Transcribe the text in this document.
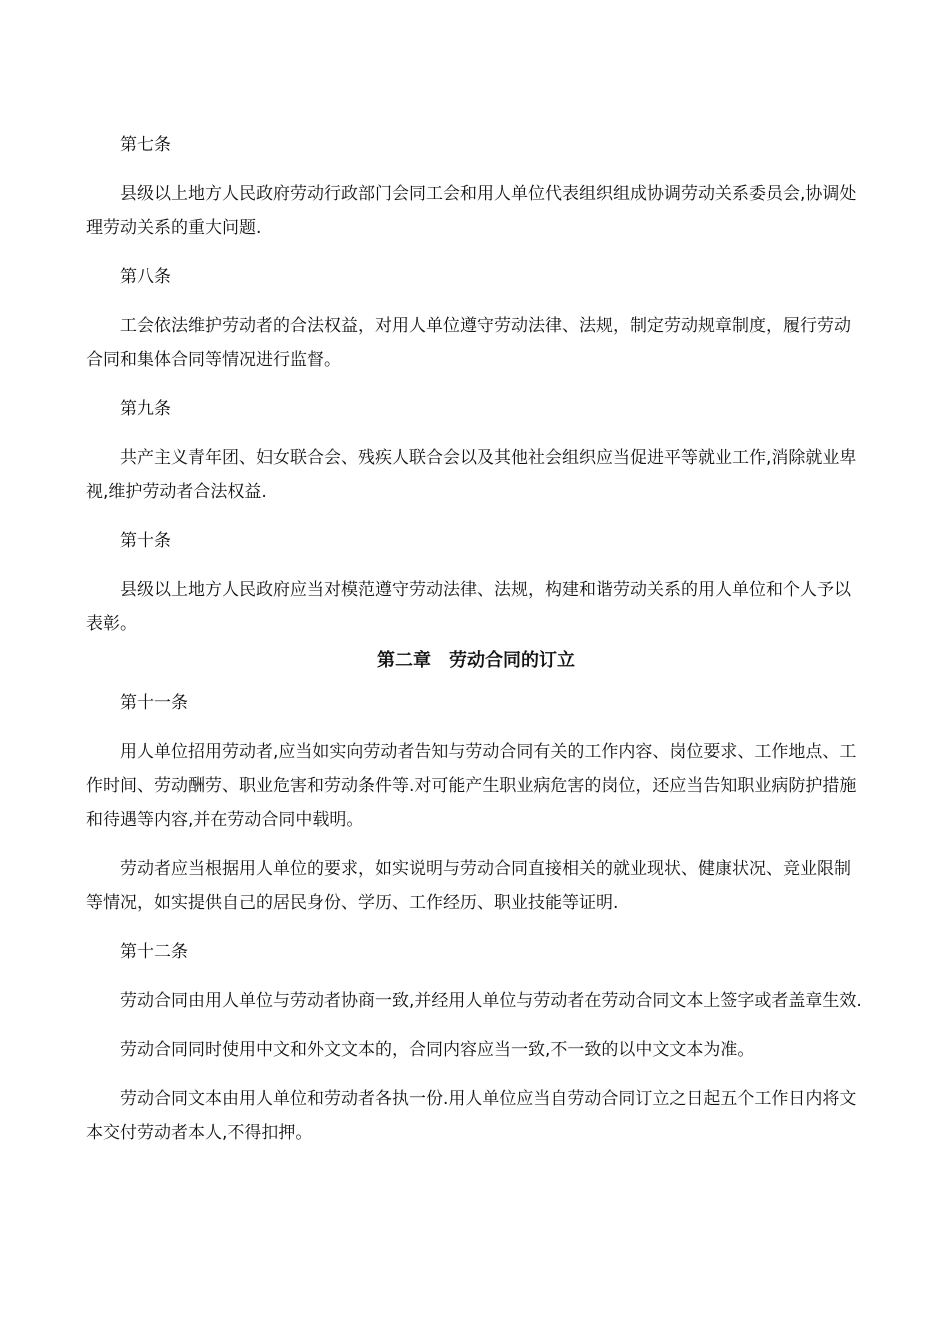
第七条

县级以上地方人民政府劳动行政部门会同工会和用人单位代表组织组成协调劳动关系委员会,协调处理劳动关系的重大问题.

第八条

工会依法维护劳动者的合法权益，对用人单位遵守劳动法律、法规，制定劳动规章制度，履行劳动合同和集体合同等情况进行监督。

第九条

共产主义青年团、妇女联合会、残疾人联合会以及其他社会组织应当促进平等就业工作,消除就业卑视,维护劳动者合法权益.

第十条

县级以上地方人民政府应当对模范遵守劳动法律、法规，构建和谐劳动关系的用人单位和个人予以表彰。

第二章　劳动合同的订立

第十一条

用人单位招用劳动者,应当如实向劳动者告知与劳动合同有关的工作内容、岗位要求、工作地点、工作时间、劳动酬劳、职业危害和劳动条件等.对可能产生职业病危害的岗位，还应当告知职业病防护措施和待遇等内容,并在劳动合同中载明。

劳动者应当根据用人单位的要求，如实说明与劳动合同直接相关的就业现状、健康状况、竞业限制等情况，如实提供自己的居民身份、学历、工作经历、职业技能等证明.

第十二条

劳动合同由用人单位与劳动者协商一致,并经用人单位与劳动者在劳动合同文本上签字或者盖章生效.

劳动合同同时使用中文和外文文本的，合同内容应当一致,不一致的以中文文本为准。

劳动合同文本由用人单位和劳动者各执一份.用人单位应当自劳动合同订立之日起五个工作日内将文本交付劳动者本人,不得扣押。
